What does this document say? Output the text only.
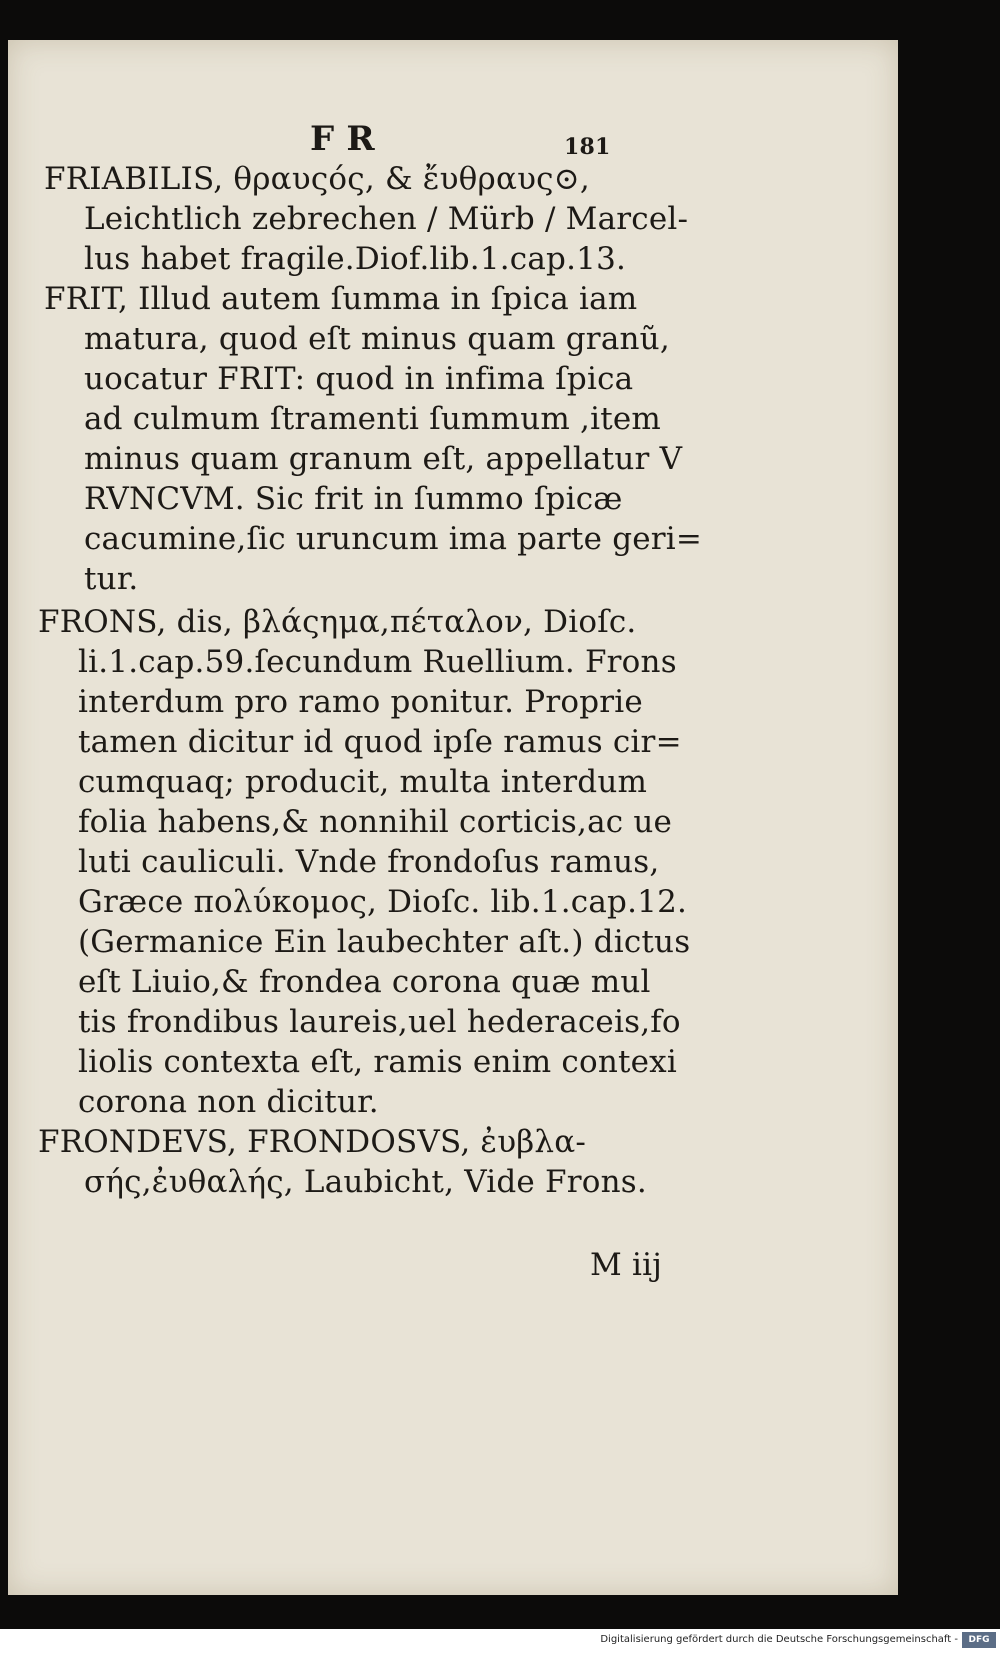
F R	181
M iij
FRIABILIS, θραυςός, & ἔυθραυς⊙,
Leichtlich zebrechen / Mürb / Marcel-
lus habet fragile.Diof.lib.1.cap.13.
FRIT, Illud autem ſumma in ſpica iam
matura, quod eſt minus quam granũ,
uocatur FRIT: quod in infima ſpica
ad culmum ſtramenti ſummum ,item
minus quam granum eſt, appellatur V
RVNCVM. Sic frit in ſummo ſpicæ
cacumine,ſic uruncum ima parte geri=
tur.
FRONS, dis, βλάςημα,πέταλον, Dioſc.
li.1.cap.59.ſecundum Ruellium. Frons
interdum pro ramo ponitur. Proprie
tamen dicitur id quod ipſe ramus cir=
cumquaq; producit, multa interdum
folia habens,& nonnihil corticis,ac ue
luti cauliculi. Vnde frondoſus ramus,
Græce πολύκομος, Dioſc. lib.1.cap.12.
(Germanice Ein laubechter aſt.) dictus
eſt Liuio,& frondea corona quæ mul
tis frondibus laureis,uel hederaceis,fo
liolis contexta eſt, ramis enim contexi
corona non dicitur.
FRONDEVS, FRONDOSVS, ἐυβλα-
σής,ἐυθαλής, Laubicht, Vide Frons.
Digitalisierung gefördert durch die Deutsche Forschungsgemeinschaft -	DFG
